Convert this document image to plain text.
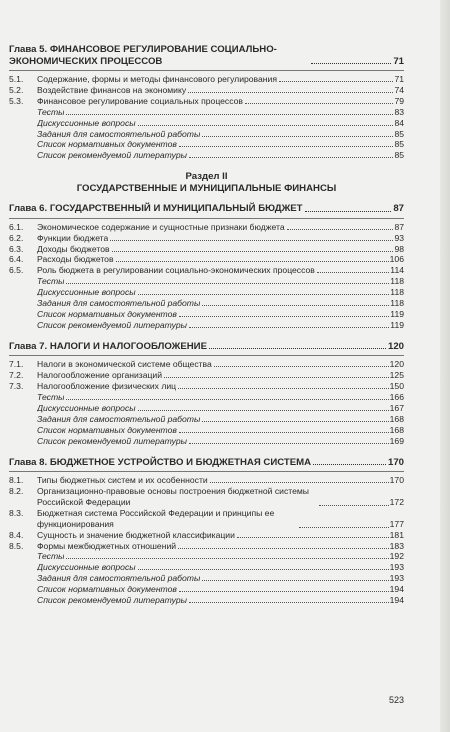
Глава 5. ФИНАНСОВОЕ РЕГУЛИРОВАНИЕ СОЦИАЛЬНО-ЭКОНОМИЧЕСКИХ ПРОЦЕССОВ	71
5.1.	Содержание, формы и методы финансового регулирования	71
5.2.	Воздействие финансов на экономику	74
5.3.	Финансовое регулирование социальных процессов	79
Тесты	83
Дискуссионные вопросы	84
Задания для самостоятельной работы	85
Список нормативных документов	85
Список рекомендуемой литературы	85
Раздел II
ГОСУДАРСТВЕННЫЕ И МУНИЦИПАЛЬНЫЕ ФИНАНСЫ
Глава 6. ГОСУДАРСТВЕННЫЙ И МУНИЦИПАЛЬНЫЙ БЮДЖЕТ	87
6.1.	Экономическое содержание и сущностные признаки бюджета	87
6.2.	Функции бюджета	93
6.3.	Доходы бюджетов	98
6.4.	Расходы бюджетов	106
6.5.	Роль бюджета в регулировании социально-экономических процессов	114
Тесты	118
Дискуссионные вопросы	118
Задания для самостоятельной работы	118
Список нормативных документов	119
Список рекомендуемой литературы	119
Глава 7. НАЛОГИ И НАЛОГООБЛОЖЕНИЕ	120
7.1.	Налоги в экономической системе общества	120
7.2.	Налогообложение организаций	125
7.3.	Налогообложение физических лиц	150
Тесты	166
Дискуссионные вопросы	167
Задания для самостоятельной работы	168
Список нормативных документов	168
Список рекомендуемой литературы	169
Глава 8. БЮДЖЕТНОЕ УСТРОЙСТВО И БЮДЖЕТНАЯ СИСТЕМА	170
8.1.	Типы бюджетных систем и их особенности	170
8.2.	Организационно-правовые основы построения бюджетной системы Российской Федерации	172
8.3.	Бюджетная система Российской Федерации и принципы ее функционирования	177
8.4.	Сущность и значение бюджетной классификации	181
8.5.	Формы межбюджетных отношений	183
Тесты	192
Дискуссионные вопросы	193
Задания для самостоятельной работы	193
Список нормативных документов	194
Список рекомендуемой литературы	194
523
